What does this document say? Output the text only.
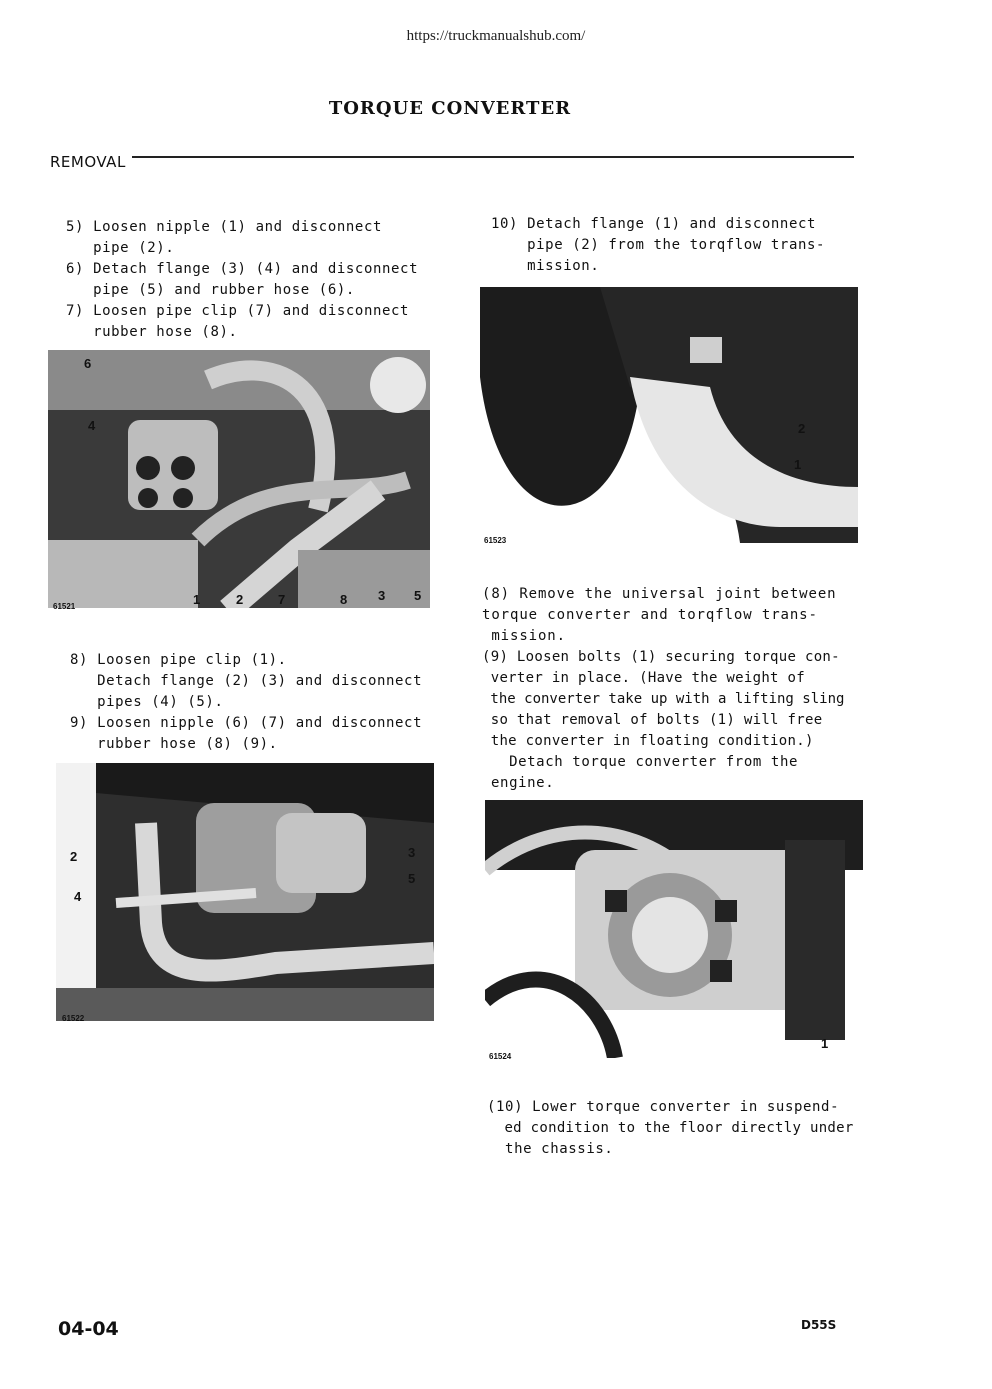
https://truckmanualshub.com/
TORQUE CONVERTER
REMOVAL
5) Loosen nipple (1) and disconnect
pipe (2).
6) Detach flange (3) (4) and disconnect
pipe (5) and rubber hose (6).
7) Loosen pipe clip (7) and disconnect
rubber hose (8).
6
4
1	2	7	8 3 5
61521
8) Loosen pipe clip (1).
Detach flange (2) (3) and disconnect
pipes (4) (5).
9) Loosen nipple (6) (7) and disconnect
rubber hose (8) (9).
2
4
3
5
61522
10) Detach flange (1) and disconnect
pipe (2) from the torqflow trans-
mission.
2
1
61523
(8) Remove the universal joint between
torque converter and torqflow trans-
mission.
(9) Loosen bolts (1) securing torque con-
verter in place. (Have the weight of
the converter take up with a lifting sling
so that removal of bolts (1) will free
the converter in floating condition.)
Detach torque converter from the
engine.
1
61524
(10) Lower torque converter in suspend-
ed condition to the floor directly under
the chassis.
04-04	D55S
